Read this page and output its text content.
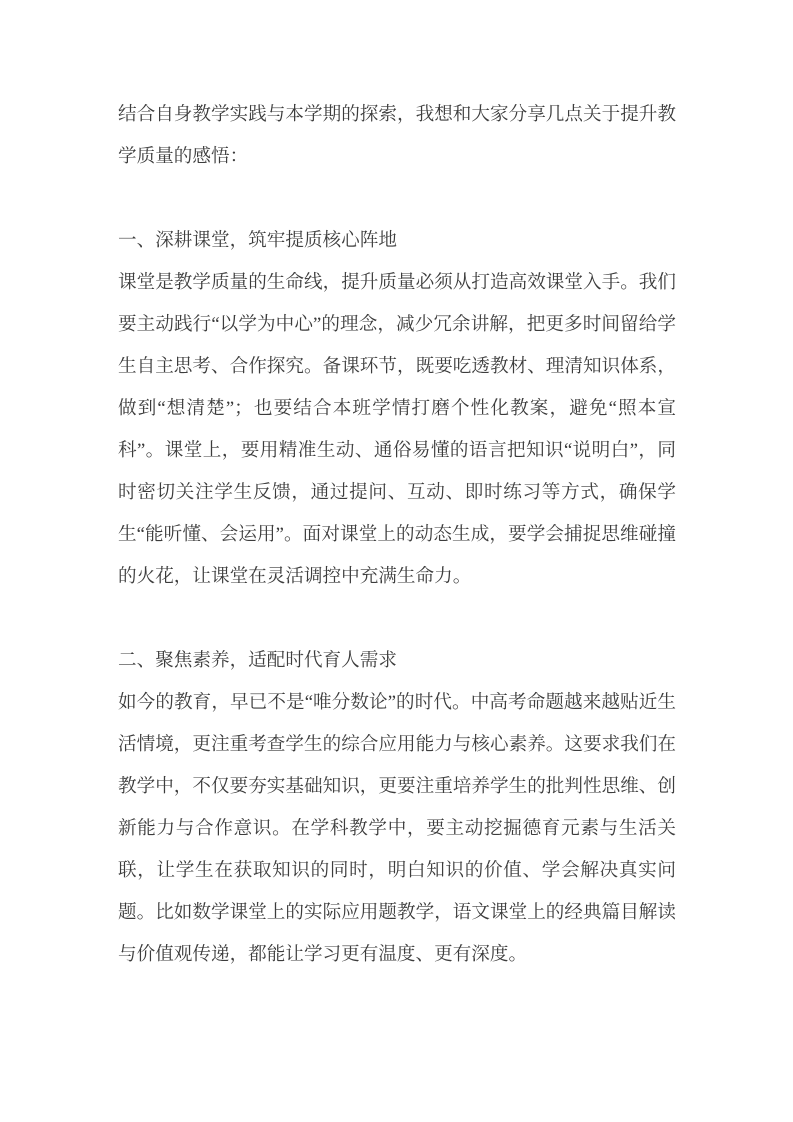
结合自身教学实践与本学期的探索，我想和大家分享几点关于提升教学质量的感悟：

一、深耕课堂，筑牢提质核心阵地

课堂是教学质量的生命线，提升质量必须从打造高效课堂入手。我们要主动践行“以学为中心”的理念，减少冗余讲解，把更多时间留给学生自主思考、合作探究。备课环节，既要吃透教材、理清知识体系，做到“想清楚”；也要结合本班学情打磨个性化教案，避免“照本宣科”。课堂上，要用精准生动、通俗易懂的语言把知识“说明白”，同时密切关注学生反馈，通过提问、互动、即时练习等方式，确保学生“能听懂、会运用”。面对课堂上的动态生成，要学会捕捉思维碰撞的火花，让课堂在灵活调控中充满生命力。

二、聚焦素养，适配时代育人需求

如今的教育，早已不是“唯分数论”的时代。中高考命题越来越贴近生活情境，更注重考查学生的综合应用能力与核心素养。这要求我们在教学中，不仅要夯实基础知识，更要注重培养学生的批判性思维、创新能力与合作意识。在学科教学中，要主动挖掘德育元素与生活关联，让学生在获取知识的同时，明白知识的价值、学会解决真实问题。比如数学课堂上的实际应用题教学，语文课堂上的经典篇目解读与价值观传递，都能让学习更有温度、更有深度。
